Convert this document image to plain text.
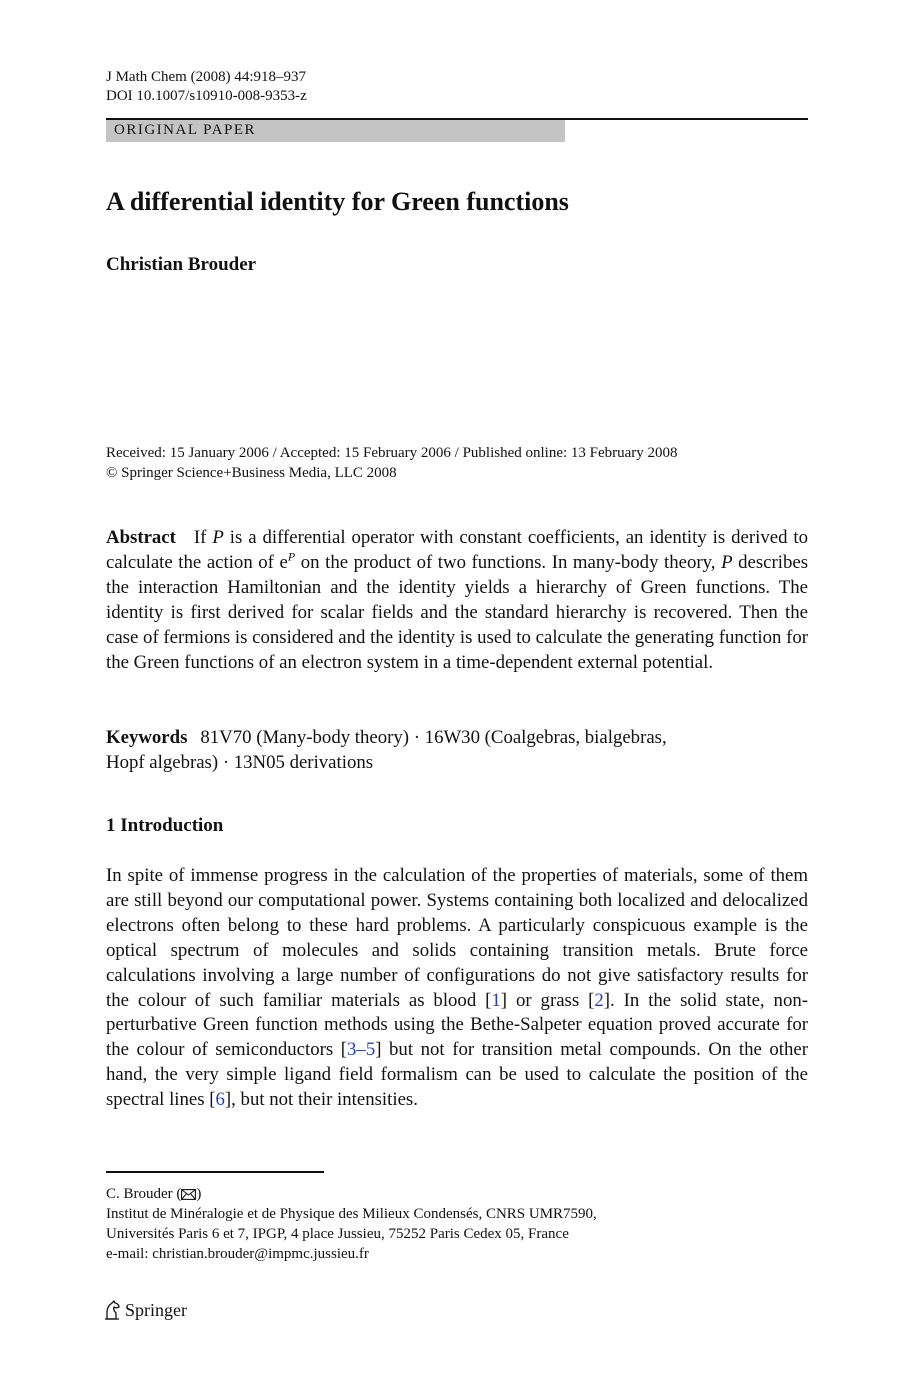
J Math Chem (2008) 44:918–937
DOI 10.1007/s10910-008-9353-z
ORIGINAL PAPER
A differential identity for Green functions
Christian Brouder
Received: 15 January 2006 / Accepted: 15 February 2006 / Published online: 13 February 2008
© Springer Science+Business Media, LLC 2008

Abstract If P is a differential operator with constant coefficients, an identity is derived to calculate the action of $e^P$ on the product of two functions. In many-body theory, P describes the interaction Hamiltonian and the identity yields a hierarchy of Green functions. The identity is first derived for scalar fields and the standard hierarchy is recovered. Then the case of fermions is considered and the identity is used to calculate the generating function for the Green functions of an electron system in a time-dependent external potential.

Keywords 81V70 (Many-body theory) · 16W30 (Coalgebras, bialgebras,
Hopf algebras) · 13N05 derivations

1 Introduction

In spite of immense progress in the calculation of the properties of materials, some of them are still beyond our computational power. Systems containing both localized and delocalized electrons often belong to these hard problems. A particularly conspicuous example is the optical spectrum of molecules and solids containing transition metals. Brute force calculations involving a large number of configurations do not give satisfactory results for the colour of such familiar materials as blood [1] or grass [2]. In the solid state, non-perturbative Green function methods using the Bethe-Salpeter equation proved accurate for the colour of semiconductors [3–5] but not for transition metal compounds. On the other hand, the very simple ligand field formalism can be used to calculate the position of the spectral lines [6], but not their intensities.

C. Brouder ( )
Institut de Minéralogie et de Physique des Milieux Condensés, CNRS UMR7590,
Universités Paris 6 et 7, IPGP, 4 place Jussieu, 75252 Paris Cedex 05, France
e-mail: christian.brouder@impmc.jussieu.fr
Springer
